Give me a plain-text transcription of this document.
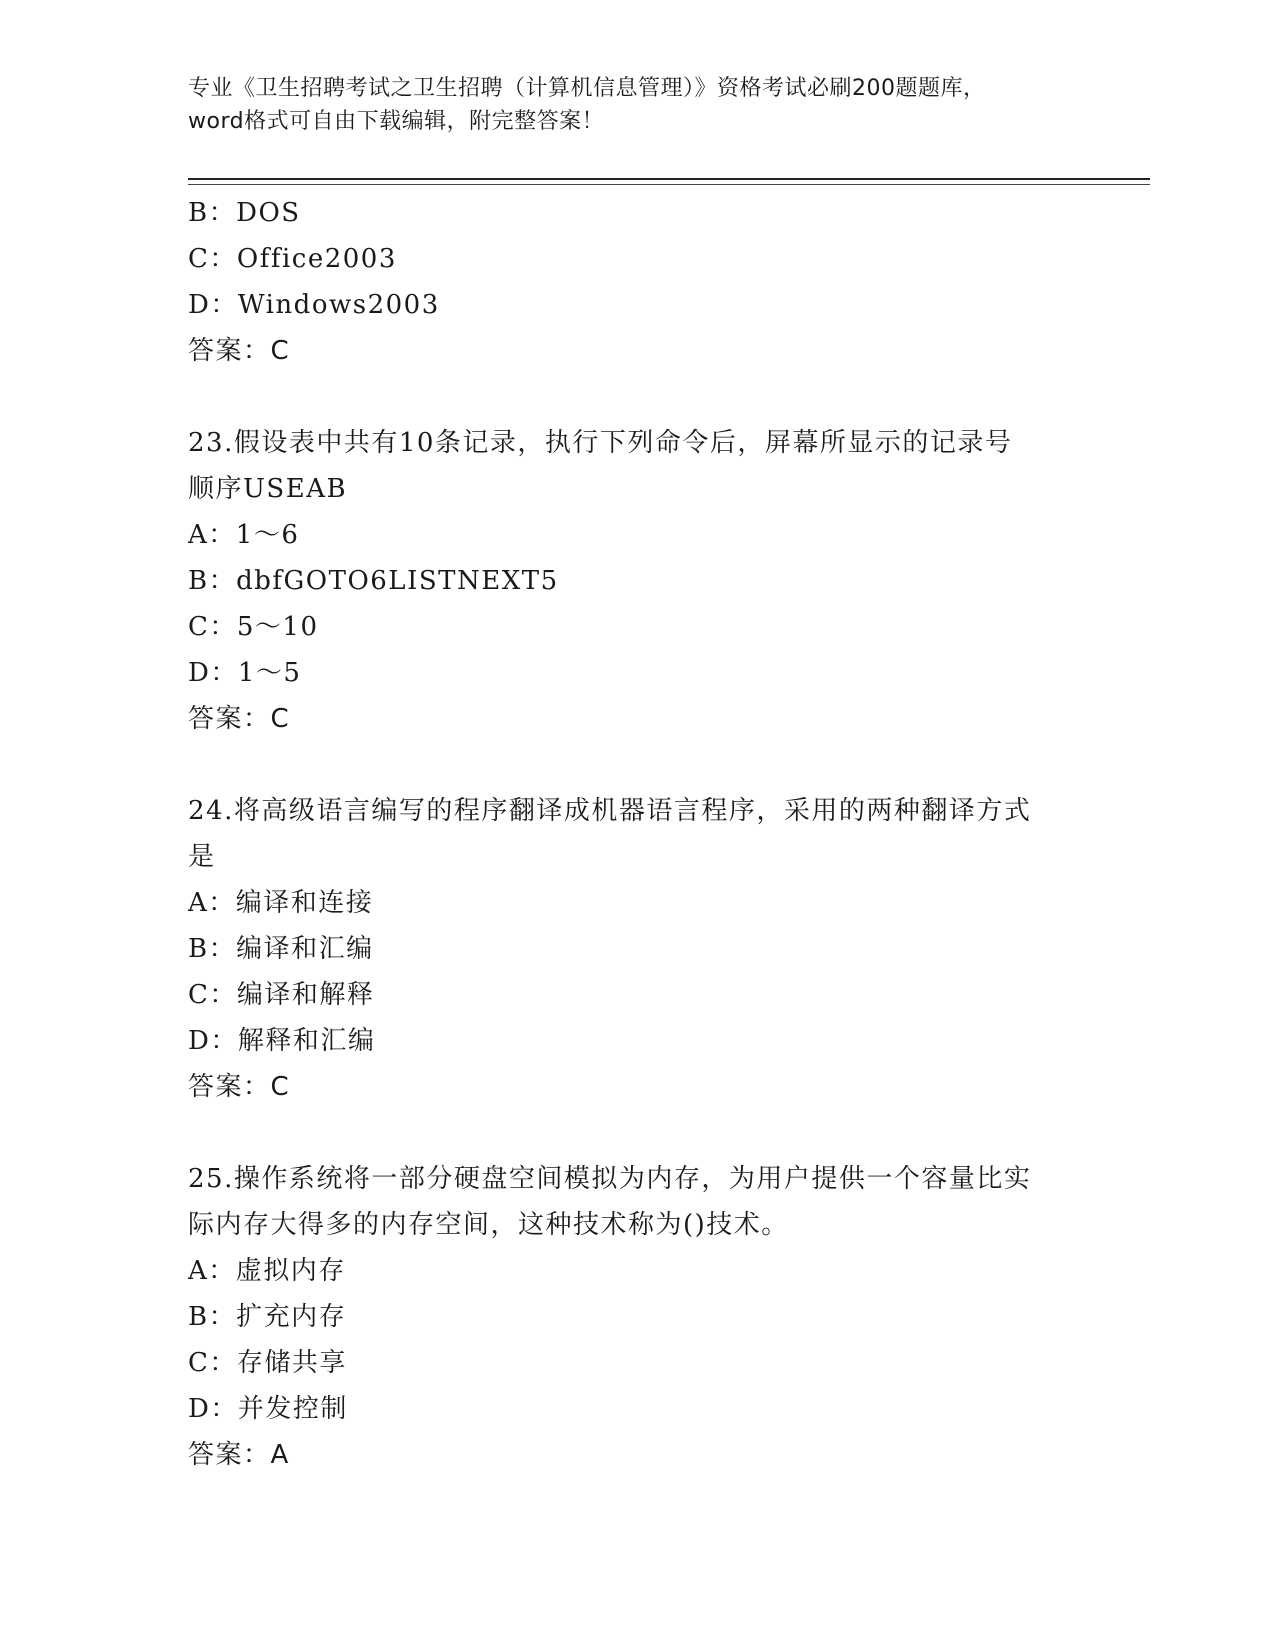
专业《卫生招聘考试之卫生招聘（计算机信息管理）》资格考试必刷200题题库，
word格式可自由下载编辑，附完整答案！
B：DOS
C：Office2003
D：Windows2003
答案：C
23.假设表中共有10条记录，执行下列命令后，屏幕所显示的记录号
顺序USEAB
A：1～6
B：dbfGOTO6LISTNEXT5
C：5～10
D：1～5
答案：C
24.将高级语言编写的程序翻译成机器语言程序，采用的两种翻译方式
是
A：编译和连接
B：编译和汇编
C：编译和解释
D：解释和汇编
答案：C
25.操作系统将一部分硬盘空间模拟为内存，为用户提供一个容量比实
际内存大得多的内存空间，这种技术称为()技术。
A：虚拟内存
B：扩充内存
C：存储共享
D：并发控制
答案：A
